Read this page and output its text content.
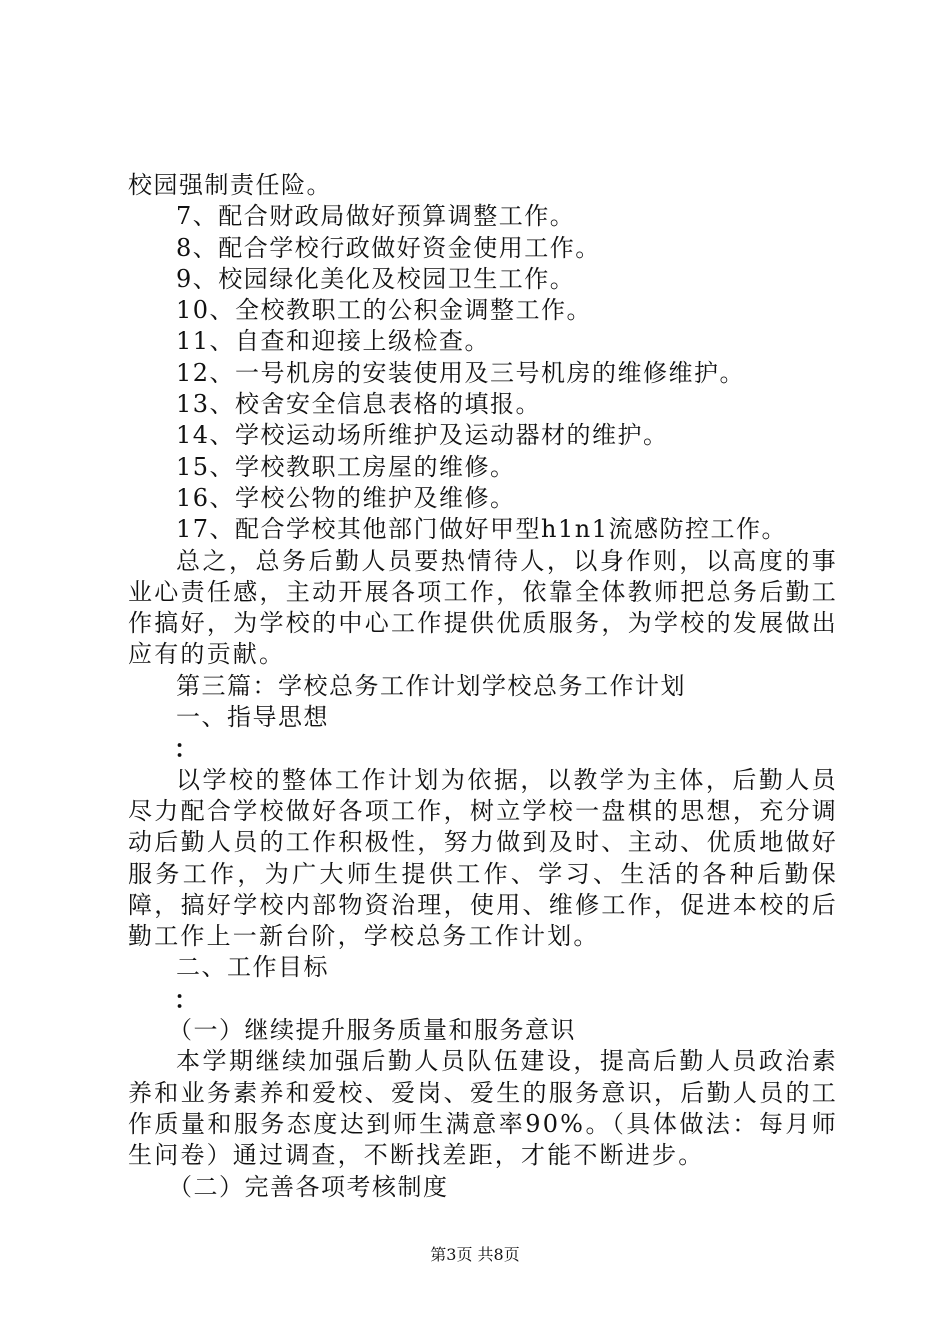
校园强制责任险。
7、配合财政局做好预算调整工作。
8、配合学校行政做好资金使用工作。
9、校园绿化美化及校园卫生工作。
10、全校教职工的公积金调整工作。
11、自查和迎接上级检查。
12、一号机房的安装使用及三号机房的维修维护。
13、校舍安全信息表格的填报。
14、学校运动场所维护及运动器材的维护。
15、学校教职工房屋的维修。
16、学校公物的维护及维修。
17、配合学校其他部门做好甲型h1n1流感防控工作。

总之，总务后勤人员要热情待人，以身作则，以高度的事业心责任感，主动开展各项工作，依靠全体教师把总务后勤工作搞好，为学校的中心工作提供优质服务，为学校的发展做出应有的贡献。

第三篇：学校总务工作计划学校总务工作计划
一、指导思想
：

以学校的整体工作计划为依据，以教学为主体，后勤人员尽力配合学校做好各项工作，树立学校一盘棋的思想，充分调动后勤人员的工作积极性，努力做到及时、主动、优质地做好服务工作，为广大师生提供工作、学习、生活的各种后勤保障，搞好学校内部物资治理，使用、维修工作，促进本校的后勤工作上一新台阶，学校总务工作计划。

二、工作目标
：
（一）继续提升服务质量和服务意识

本学期继续加强后勤人员队伍建设，提高后勤人员政治素养和业务素养和爱校、爱岗、爱生的服务意识，后勤人员的工作质量和服务态度达到师生满意率90%。（具体做法：每月师生问卷）通过调查，不断找差距，才能不断进步。

（二）完善各项考核制度
第3页 共8页
